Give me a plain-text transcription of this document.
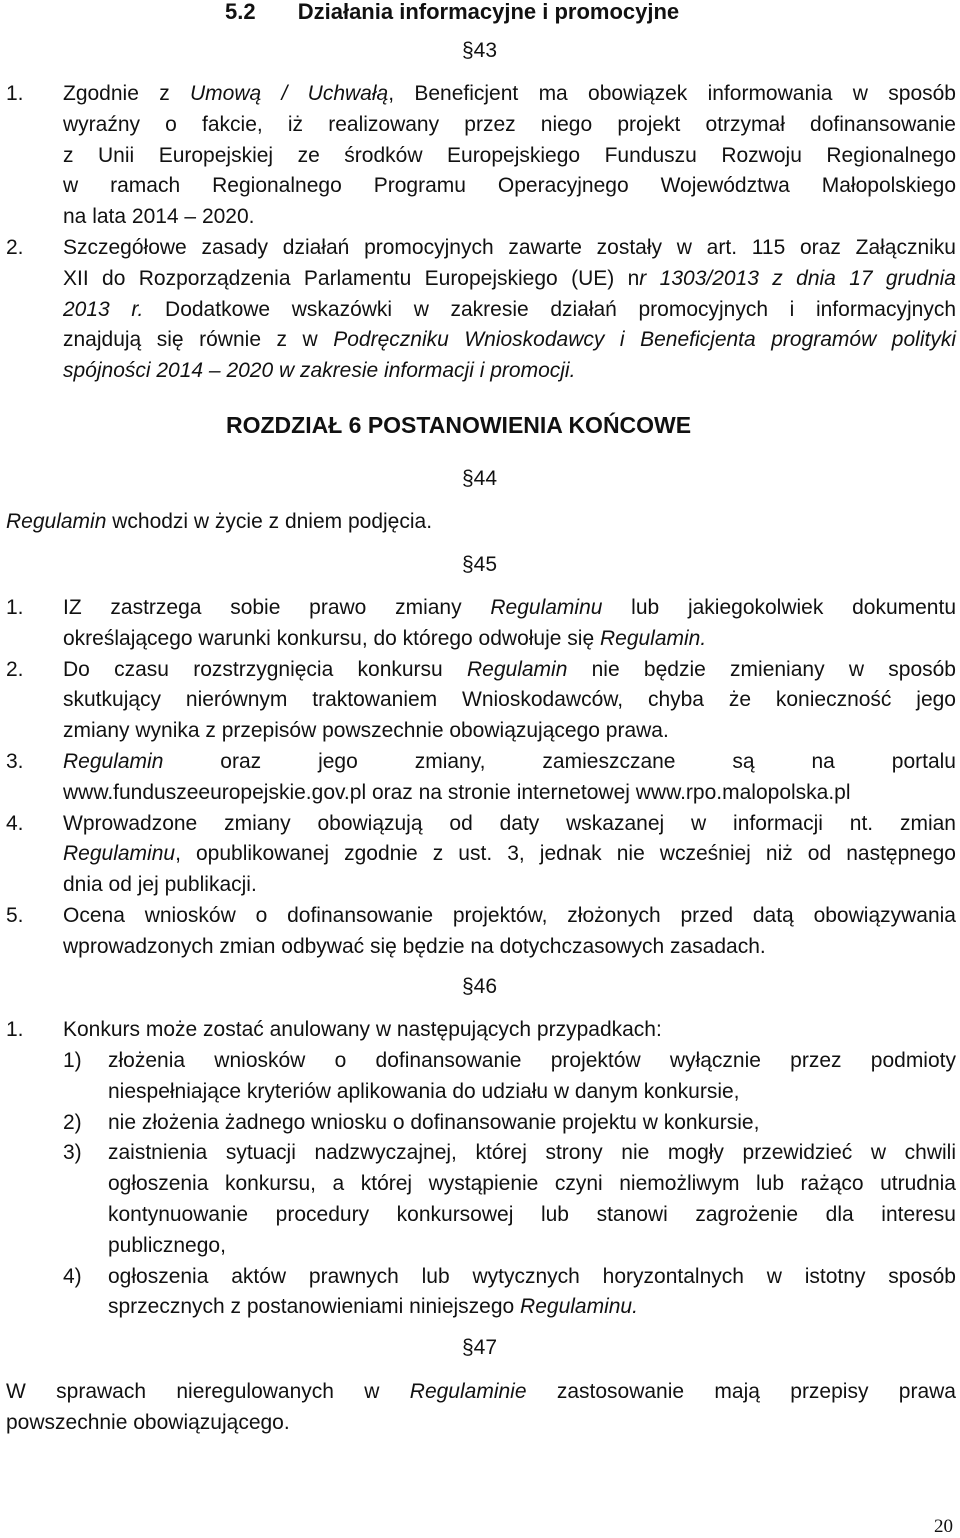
5.2 Działania informacyjne i promocyjne
§43
1. Zgodnie z Umową / Uchwałą, Beneficjent ma obowiązek informowania w sposób
wyraźny o fakcie, iż realizowany przez niego projekt otrzymał dofinansowanie
z Unii Europejskiej ze środków Europejskiego Funduszu Rozwoju Regionalnego
w ramach Regionalnego Programu Operacyjnego Województwa Małopolskiego
na lata 2014 – 2020.
2. Szczegółowe zasady działań promocyjnych zawarte zostały w art. 115 oraz Załączniku
XII do Rozporządzenia Parlamentu Europejskiego (UE) nr 1303/2013 z dnia 17 grudnia
2013 r. Dodatkowe wskazówki w zakresie działań promocyjnych i informacyjnych
znajdują się równie z w Podręczniku Wnioskodawcy i Beneficjenta programów polityki
spójności 2014 – 2020 w zakresie informacji i promocji.
ROZDZIAŁ 6 POSTANOWIENIA KOŃCOWE
§44
Regulamin wchodzi w życie z dniem podjęcia.
§45
1. IZ zastrzega sobie prawo zmiany Regulaminu lub jakiegokolwiek dokumentu
określającego warunki konkursu, do którego odwołuje się Regulamin.
2. Do czasu rozstrzygnięcia konkursu Regulamin nie będzie zmieniany w sposób
skutkujący nierównym traktowaniem Wnioskodawców, chyba że konieczność jego
zmiany wynika z przepisów powszechnie obowiązującego prawa.
3. Regulamin oraz jego zmiany, zamieszczane są na portalu
www.funduszeeuropejskie.gov.pl oraz na stronie internetowej www.rpo.malopolska.pl
4. Wprowadzone zmiany obowiązują od daty wskazanej w informacji nt. zmian
Regulaminu, opublikowanej zgodnie z ust. 3, jednak nie wcześniej niż od następnego
dnia od jej publikacji.
5. Ocena wniosków o dofinansowanie projektów, złożonych przed datą obowiązywania
wprowadzonych zmian odbywać się będzie na dotychczasowych zasadach.
§46
1. Konkurs może zostać anulowany w następujących przypadkach:
1) złożenia wniosków o dofinansowanie projektów wyłącznie przez podmioty
niespełniające kryteriów aplikowania do udziału w danym konkursie,
2) nie złożenia żadnego wniosku o dofinansowanie projektu w konkursie,
3) zaistnienia sytuacji nadzwyczajnej, której strony nie mogły przewidzieć w chwili
ogłoszenia konkursu, a której wystąpienie czyni niemożliwym lub rażąco utrudnia
kontynuowanie procedury konkursowej lub stanowi zagrożenie dla interesu
publicznego,
4) ogłoszenia aktów prawnych lub wytycznych horyzontalnych w istotny sposób
sprzecznych z postanowieniami niniejszego Regulaminu.
§47
W sprawach nieregulowanych w Regulaminie zastosowanie mają przepisy prawa
powszechnie obowiązującego.
20
